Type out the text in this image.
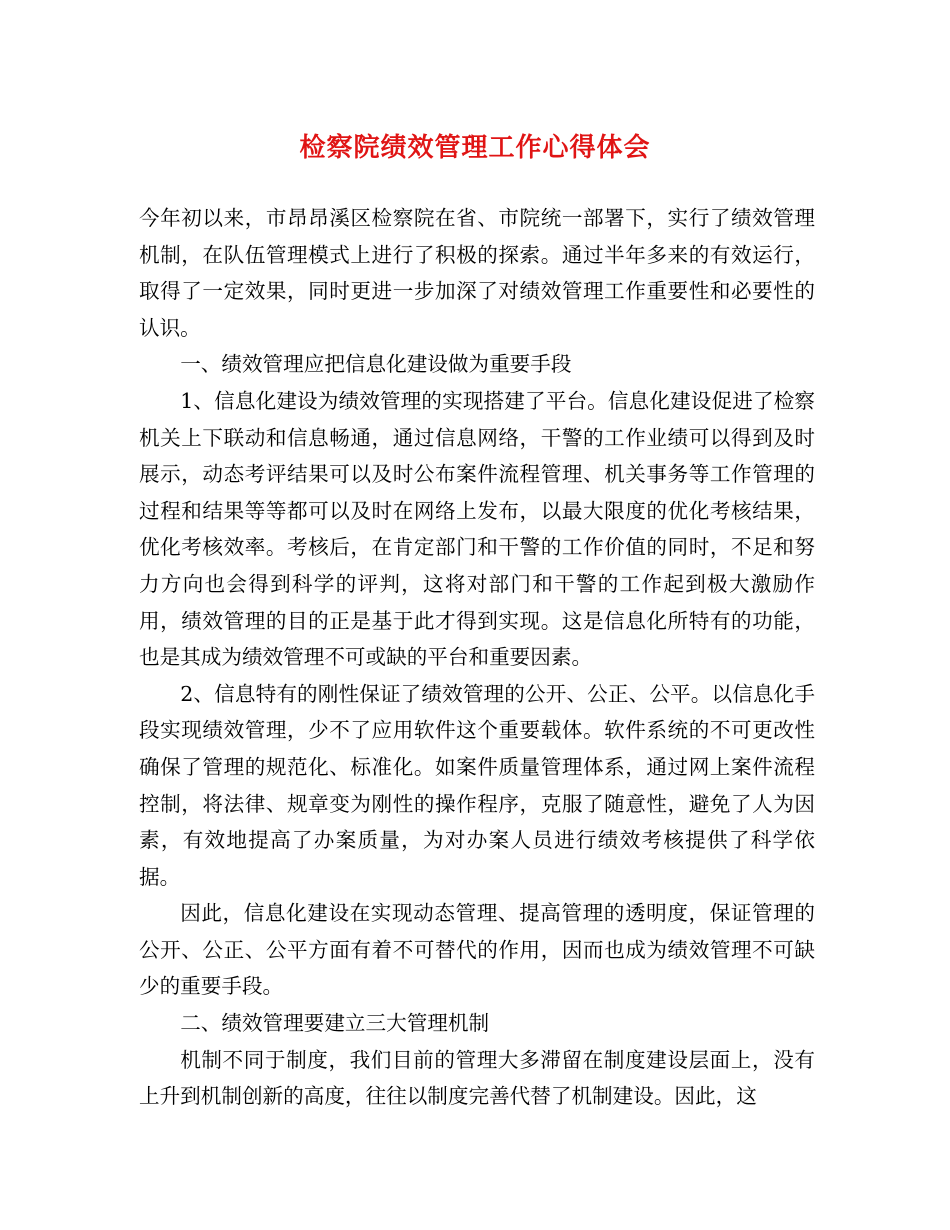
检察院绩效管理工作心得体会

今年初以来，市昂昂溪区检察院在省、市院统一部署下，实行了绩效管理机制，在队伍管理模式上进行了积极的探索。通过半年多来的有效运行，取得了一定效果，同时更进一步加深了对绩效管理工作重要性和必要性的认识。

一、绩效管理应把信息化建设做为重要手段

1、信息化建设为绩效管理的实现搭建了平台。信息化建设促进了检察机关上下联动和信息畅通，通过信息网络，干警的工作业绩可以得到及时展示，动态考评结果可以及时公布案件流程管理、机关事务等工作管理的过程和结果等等都可以及时在网络上发布，以最大限度的优化考核结果，优化考核效率。考核后，在肯定部门和干警的工作价值的同时，不足和努力方向也会得到科学的评判，这将对部门和干警的工作起到极大激励作用，绩效管理的目的正是基于此才得到实现。这是信息化所特有的功能，也是其成为绩效管理不可或缺的平台和重要因素。

2、信息特有的刚性保证了绩效管理的公开、公正、公平。以信息化手段实现绩效管理，少不了应用软件这个重要载体。软件系统的不可更改性确保了管理的规范化、标准化。如案件质量管理体系，通过网上案件流程控制，将法律、规章变为刚性的操作程序，克服了随意性，避免了人为因素，有效地提高了办案质量，为对办案人员进行绩效考核提供了科学依据。

因此，信息化建设在实现动态管理、提高管理的透明度，保证管理的公开、公正、公平方面有着不可替代的作用，因而也成为绩效管理不可缺少的重要手段。

二、绩效管理要建立三大管理机制

机制不同于制度，我们目前的管理大多滞留在制度建设层面上，没有上升到机制创新的高度，往往以制度完善代替了机制建设。因此，这
